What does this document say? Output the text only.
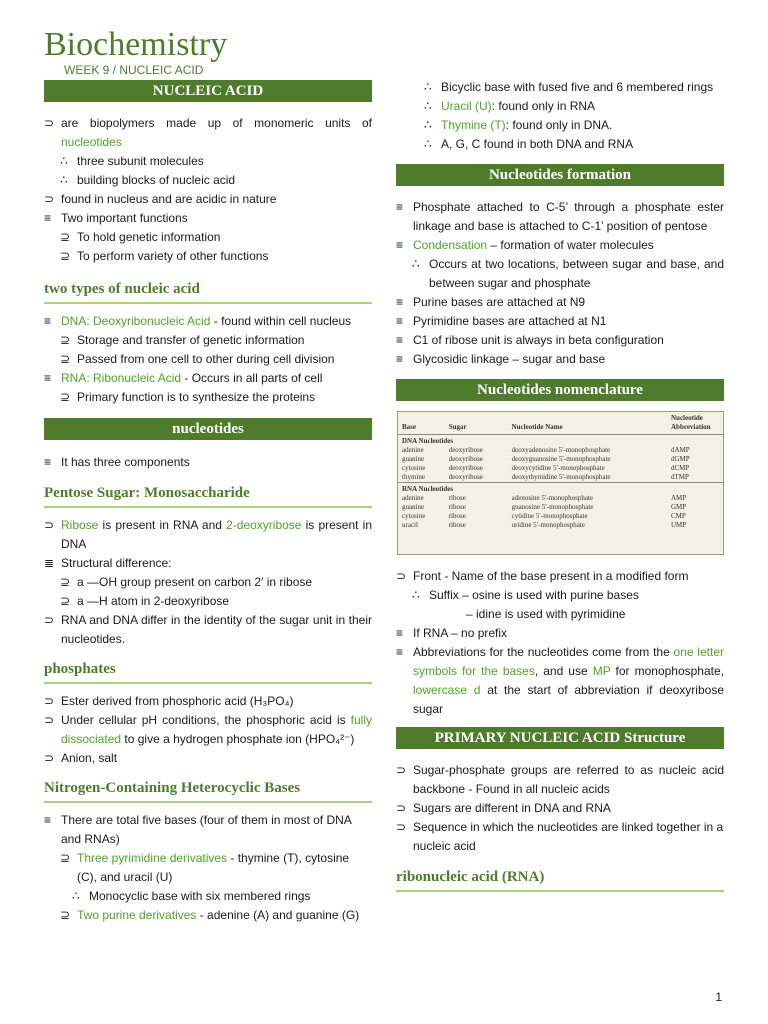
Biochemistry
WEEK 9 / NUCLEIC ACID
NUCLEIC ACID
⊃ are biopolymers made up of monomeric units of nucleotides
∴ three subunit molecules
∴ building blocks of nucleic acid
⊃ found in nucleus and are acidic in nature
≡ Two important functions
⊇ To hold genetic information
⊇ To perform variety of other functions
two types of nucleic acid
≡ DNA: Deoxyribonucleic Acid - found within cell nucleus
⊇ Storage and transfer of genetic information
⊇ Passed from one cell to other during cell division
≡ RNA: Ribonucleic Acid - Occurs in all parts of cell
⊇ Primary function is to synthesize the proteins
nucleotides
≡ It has three components
Pentose Sugar: Monosaccharide
⊃ Ribose is present in RNA and 2-deoxyribose is present in DNA
≣ Structural difference:
⊇ a —OH group present on carbon 2′ in ribose
⊇ a —H atom in 2-deoxyribose
⊃ RNA and DNA differ in the identity of the sugar unit in their nucleotides.
phosphates
⊃ Ester derived from phosphoric acid (H₃PO₄)
⊃ Under cellular pH conditions, the phosphoric acid is fully dissociated to give a hydrogen phosphate ion (HPO₄²⁻)
⊃ Anion, salt
Nitrogen-Containing Heterocyclic Bases
≡ There are total five bases (four of them in most of DNA and RNAs)
⊇ Three pyrimidine derivatives - thymine (T), cytosine (C), and uracil (U)
∴ Monocyclic base with six membered rings
⊇ Two purine derivatives - adenine (A) and guanine (G)
∴ Bicyclic base with fused five and 6 membered rings
∴ Uracil (U): found only in RNA
∴ Thymine (T): found only in DNA.
∴ A, G, C found in both DNA and RNA
Nucleotides formation
≡ Phosphate attached to C-5’ through a phosphate ester linkage and base is attached to C-1’ position of pentose
≡ Condensation – formation of water molecules
∴ Occurs at two locations, between sugar and base, and between sugar and phosphate
≡ Purine bases are attached at N9
≡ Pyrimidine bases are attached at N1
≡ C1 of ribose unit is always in beta configuration
≡ Glycosidic linkage – sugar and base
Nucleotides nomenclature
Base	Sugar	Nucleotide Name	Nucleotide Abbreviation
DNA Nucleotides			
adenine	deoxyribose	deoxyadenosine 5′-monophosphate	dAMP
guanine	deoxyribose	deoxyguanosine 5′-monophosphate	dGMP
cytosine	deoxyribose	deoxycytidine 5′-monophosphate	dCMP
thymine	deoxyribose	deoxythymidine 5′-monophosphate	dTMP

RNA Nucleotides			
adenine	ribose	adenosine 5′-monophosphate	AMP
guanine	ribose	guanosine 5′-monophosphate	GMP
cytosine	ribose	cytidine 5′-monophosphate	CMP
uracil	ribose	uridine 5′-monophosphate	UMP
⊃ Front - Name of the base present in a modified form
∴ Suffix – osine is used with purine bases
– idine is used with pyrimidine
≡ If RNA – no prefix
≡ Abbreviations for the nucleotides come from the one letter symbols for the bases, and use MP for monophosphate, lowercase d at the start of abbreviation if deoxyribose sugar
PRIMARY NUCLEIC ACID Structure
⊃ Sugar-phosphate groups are referred to as nucleic acid backbone - Found in all nucleic acids
⊃ Sugars are different in DNA and RNA
⊃ Sequence in which the nucleotides are linked together in a nucleic acid
ribonucleic acid (RNA)
1
